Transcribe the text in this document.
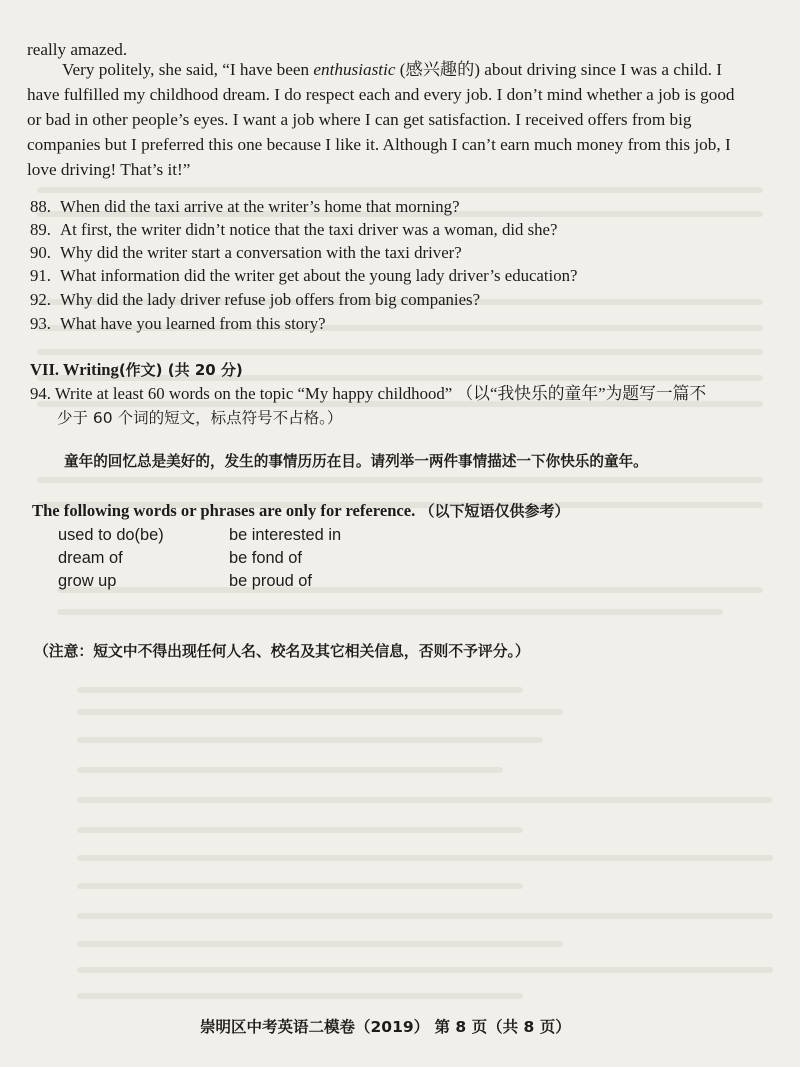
really amazed.
Very politely, she said, “I have been enthusiastic (感兴趣的) about driving since I was a child. I
have fulfilled my childhood dream. I do respect each and every job. I don’t mind whether a job is good
or bad in other people’s eyes. I want a job where I can get satisfaction. I received offers from big
companies but I preferred this one because I like it. Although I can’t earn much money from this job, I
love driving! That’s it!”
88. When did the taxi arrive at the writer’s home that morning?
89. At first, the writer didn’t notice that the taxi driver was a woman, did she?
90. Why did the writer start a conversation with the taxi driver?
91. What information did the writer get about the young lady driver’s education?
92. Why did the lady driver refuse job offers from big companies?
93. What have you learned from this story?
VII. Writing(作文) (共 20 分)
94. Write at least 60 words on the topic “My happy childhood” （以“我快乐的童年”为题写一篇不
少于 60 个词的短文，标点符号不占格。）
童年的回忆总是美好的，发生的事情历历在目。请列举一两件事情描述一下你快乐的童年。
The following words or phrases are only for reference. （以下短语仅供参考）
used to do(be)
dream of
grow up
be interested in
be fond of
be proud of
（注意：短文中不得出现任何人名、校名及其它相关信息，否则不予评分。）
崇明区中考英语二模卷（2019） 第 8 页（共 8 页）
